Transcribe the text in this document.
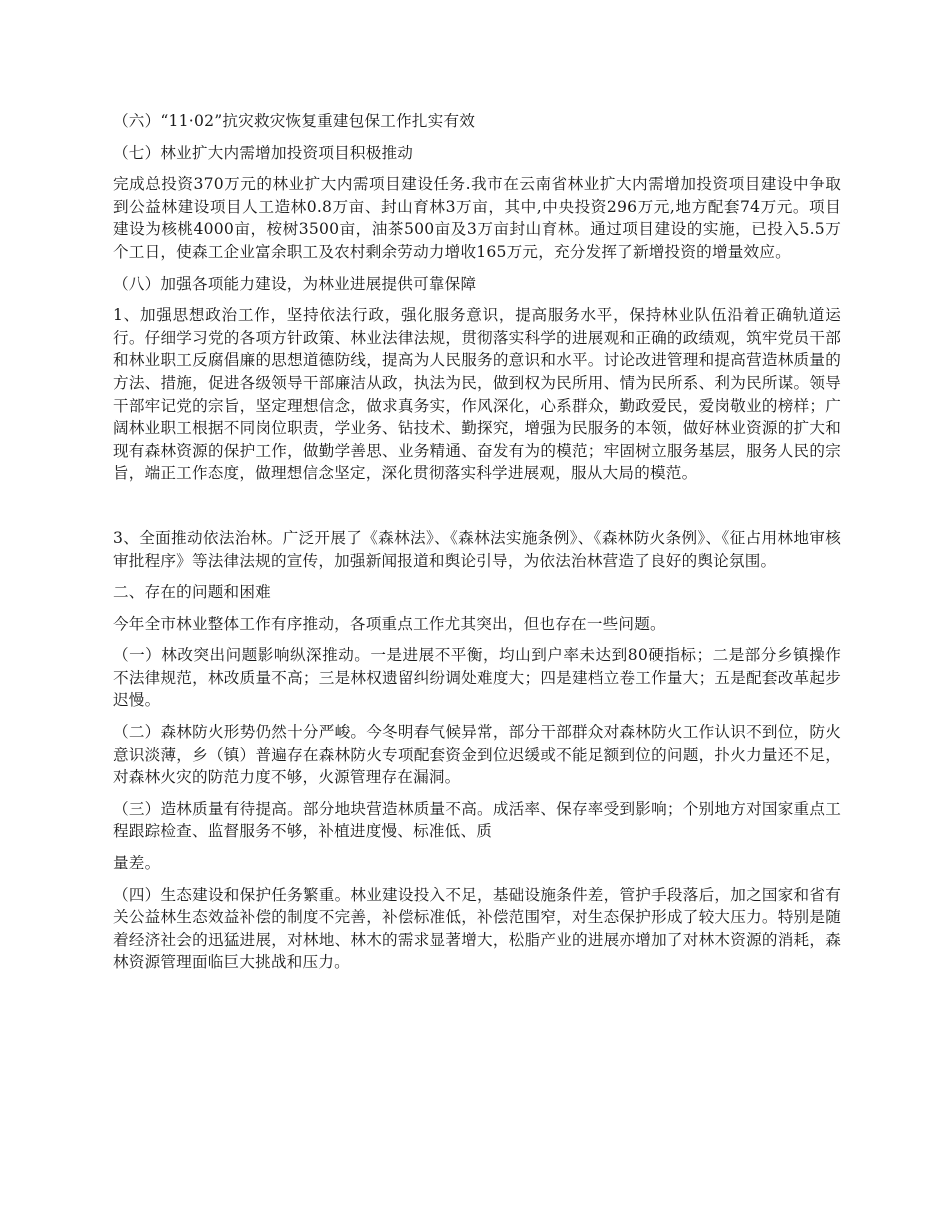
（六）“11·02”抗灾救灾恢复重建包保工作扎实有效

（七）林业扩大内需增加投资项目积极推动

完成总投资370万元的林业扩大内需项目建设任务.我市在云南省林业扩大内需增加投资项目建设中争取到公益林建设项目人工造林0.8万亩、封山育林3万亩，其中,中央投资296万元,地方配套74万元。项目建设为核桃4000亩，桉树3500亩，油茶500亩及3万亩封山育林。通过项目建设的实施，已投入5.5万个工日，使森工企业富余职工及农村剩余劳动力增收165万元，充分发挥了新增投资的增量效应。

（八）加强各项能力建设，为林业进展提供可靠保障

1、加强思想政治工作，坚持依法行政，强化服务意识，提高服务水平，保持林业队伍沿着正确轨道运行。仔细学习党的各项方针政策、林业法律法规，贯彻落实科学的进展观和正确的政绩观，筑牢党员干部和林业职工反腐倡廉的思想道德防线，提高为人民服务的意识和水平。讨论改进管理和提高营造林质量的方法、措施，促进各级领导干部廉洁从政，执法为民，做到权为民所用、情为民所系、利为民所谋。领导干部牢记党的宗旨，坚定理想信念，做求真务实，作风深化，心系群众，勤政爱民，爱岗敬业的榜样；广阔林业职工根据不同岗位职责，学业务、钻技术、勤探究，增强为民服务的本领，做好林业资源的扩大和现有森林资源的保护工作，做勤学善思、业务精通、奋发有为的模范；牢固树立服务基层，服务人民的宗旨，端正工作态度，做理想信念坚定，深化贯彻落实科学进展观，服从大局的模范。

3、全面推动依法治林。广泛开展了《森林法》、《森林法实施条例》、《森林防火条例》、《征占用林地审核审批程序》等法律法规的宣传，加强新闻报道和舆论引导，为依法治林营造了良好的舆论氛围。

二、存在的问题和困难

今年全市林业整体工作有序推动，各项重点工作尤其突出，但也存在一些问题。

（一）林改突出问题影响纵深推动。一是进展不平衡，均山到户率未达到80硬指标；二是部分乡镇操作不法律规范，林改质量不高；三是林权遗留纠纷调处难度大；四是建档立卷工作量大；五是配套改革起步迟慢。

（二）森林防火形势仍然十分严峻。今冬明春气候异常，部分干部群众对森林防火工作认识不到位，防火意识淡薄，乡（镇）普遍存在森林防火专项配套资金到位迟缓或不能足额到位的问题，扑火力量还不足，对森林火灾的防范力度不够，火源管理存在漏洞。

（三）造林质量有待提高。部分地块营造林质量不高。成活率、保存率受到影响；个别地方对国家重点工程跟踪检查、监督服务不够，补植进度慢、标准低、质

量差。

（四）生态建设和保护任务繁重。林业建设投入不足，基础设施条件差，管护手段落后，加之国家和省有关公益林生态效益补偿的制度不完善，补偿标准低，补偿范围窄，对生态保护形成了较大压力。特别是随着经济社会的迅猛进展，对林地、林木的需求显著增大，松脂产业的进展亦增加了对林木资源的消耗，森林资源管理面临巨大挑战和压力。
